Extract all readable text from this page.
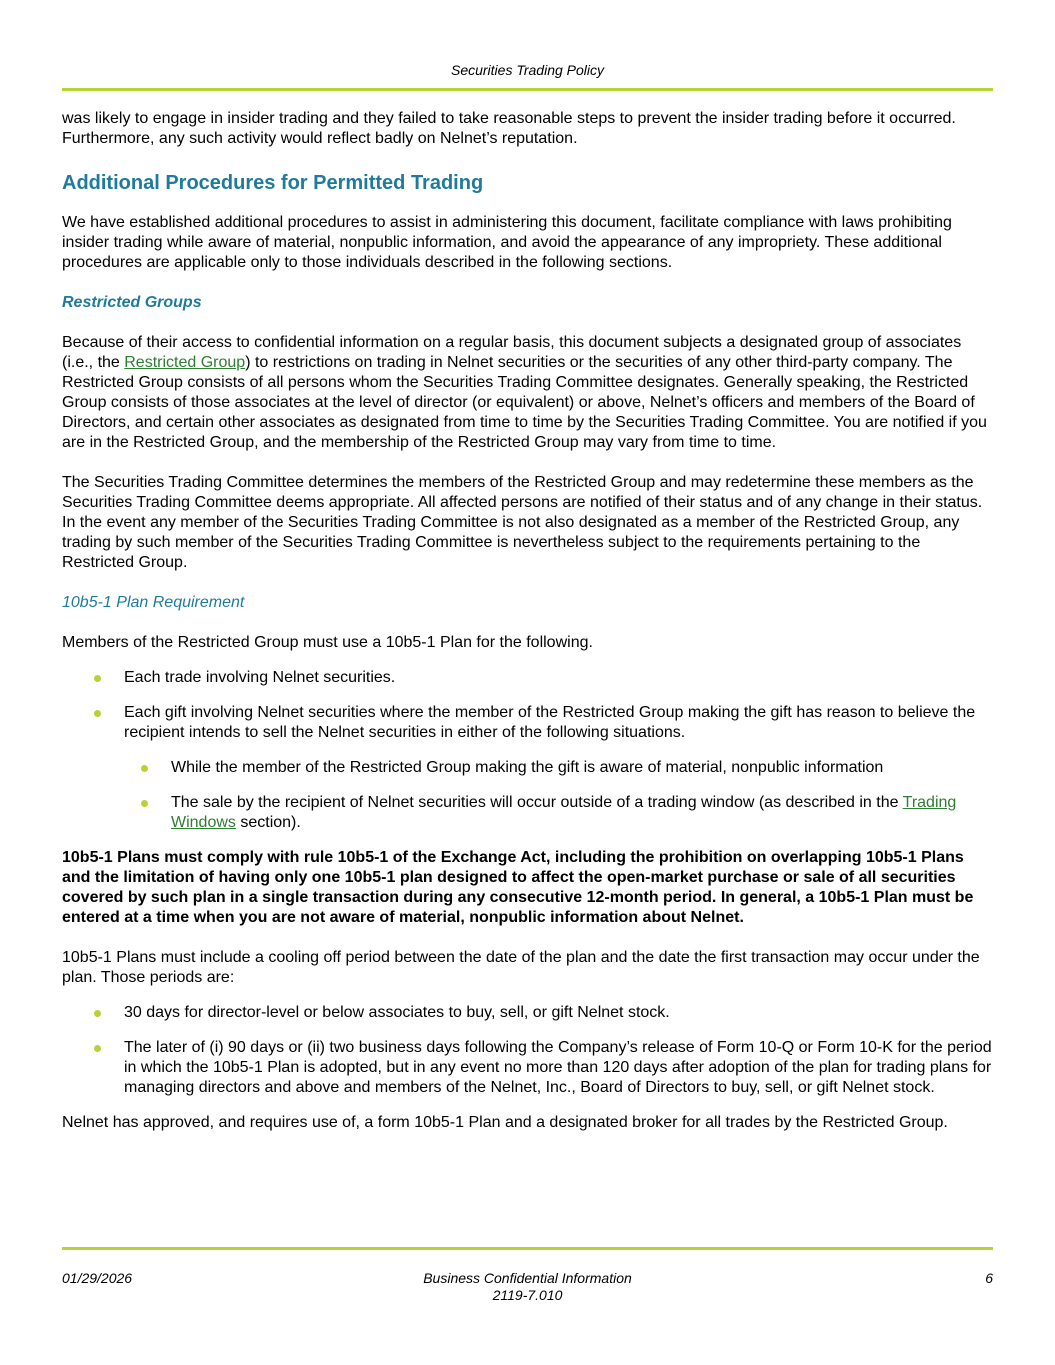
Securities Trading Policy

was likely to engage in insider trading and they failed to take reasonable steps to prevent the insider trading before it occurred. Furthermore, any such activity would reflect badly on Nelnet’s reputation.

Additional Procedures for Permitted Trading

We have established additional procedures to assist in administering this document, facilitate compliance with laws prohibiting insider trading while aware of material, nonpublic information, and avoid the appearance of any impropriety. These additional procedures are applicable only to those individuals described in the following sections.

Restricted Groups

Because of their access to confidential information on a regular basis, this document subjects a designated group of associates (i.e., the Restricted Group) to restrictions on trading in Nelnet securities or the securities of any other third-party company. The Restricted Group consists of all persons whom the Securities Trading Committee designates. Generally speaking, the Restricted Group consists of those associates at the level of director (or equivalent) or above, Nelnet’s officers and members of the Board of Directors, and certain other associates as designated from time to time by the Securities Trading Committee. You are notified if you are in the Restricted Group, and the membership of the Restricted Group may vary from time to time.

The Securities Trading Committee determines the members of the Restricted Group and may redetermine these members as the Securities Trading Committee deems appropriate. All affected persons are notified of their status and of any change in their status. In the event any member of the Securities Trading Committee is not also designated as a member of the Restricted Group, any trading by such member of the Securities Trading Committee is nevertheless subject to the requirements pertaining to the Restricted Group.

10b5-1 Plan Requirement

Members of the Restricted Group must use a 10b5-1 Plan for the following.

Each trade involving Nelnet securities.
Each gift involving Nelnet securities where the member of the Restricted Group making the gift has reason to believe the recipient intends to sell the Nelnet securities in either of the following situations.
While the member of the Restricted Group making the gift is aware of material, nonpublic information
The sale by the recipient of Nelnet securities will occur outside of a trading window (as described in the Trading Windows section).

10b5-1 Plans must comply with rule 10b5-1 of the Exchange Act, including the prohibition on overlapping 10b5-1 Plans and the limitation of having only one 10b5-1 plan designed to affect the open-market purchase or sale of all securities covered by such plan in a single transaction during any consecutive 12-month period. In general, a 10b5-1 Plan must be entered at a time when you are not aware of material, nonpublic information about Nelnet.

10b5-1 Plans must include a cooling off period between the date of the plan and the date the first transaction may occur under the plan. Those periods are:

30 days for director-level or below associates to buy, sell, or gift Nelnet stock.
The later of (i) 90 days or (ii) two business days following the Company’s release of Form 10-Q or Form 10-K for the period in which the 10b5-1 Plan is adopted, but in any event no more than 120 days after adoption of the plan for trading plans for managing directors and above and members of the Nelnet, Inc., Board of Directors to buy, sell, or gift Nelnet stock.

Nelnet has approved, and requires use of, a form 10b5-1 Plan and a designated broker for all trades by the Restricted Group.

01/29/2026	Business Confidential Information
2119-7.010
6
